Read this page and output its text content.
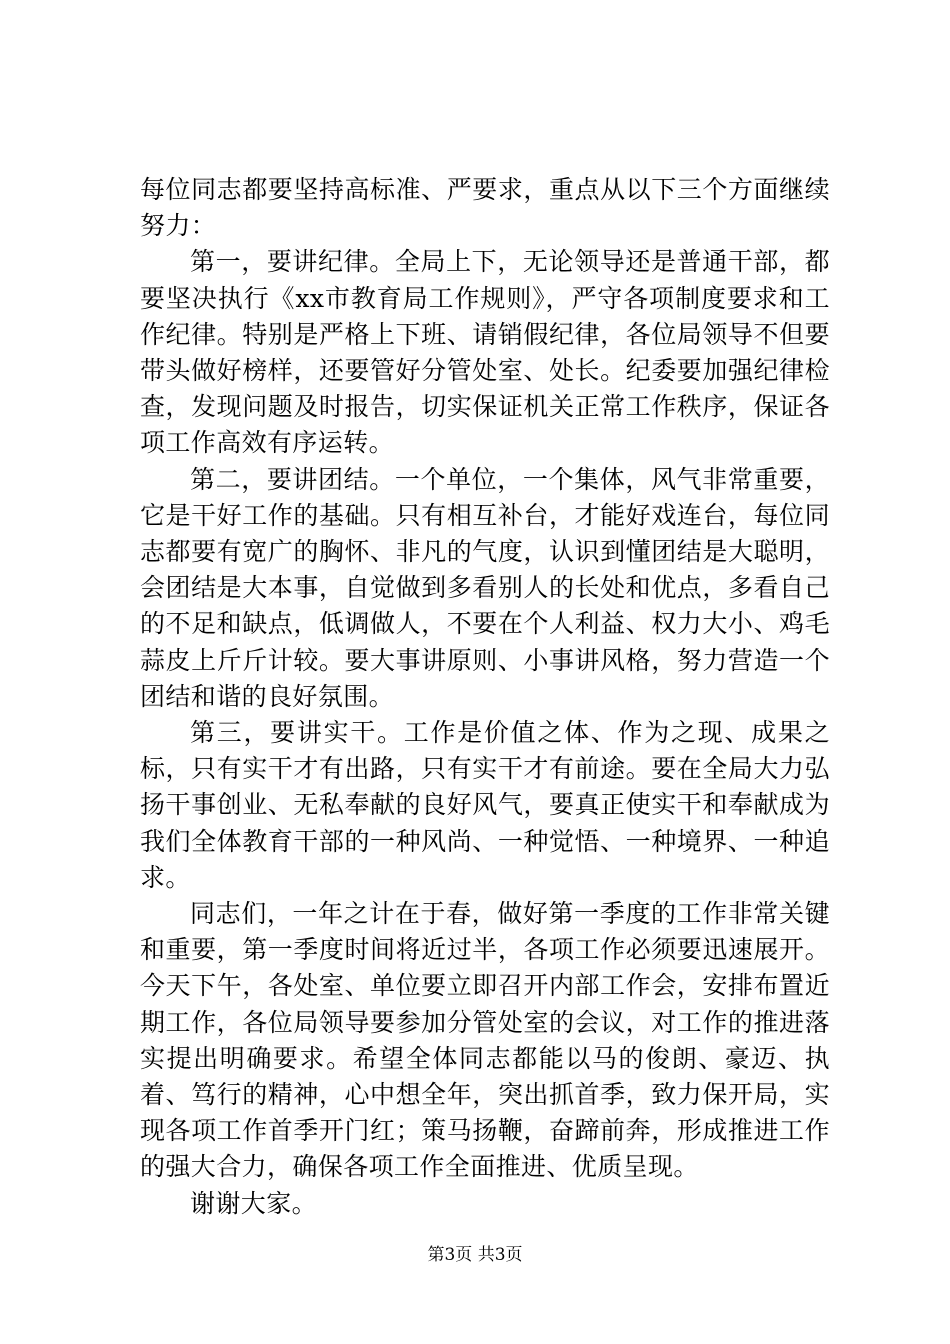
每位同志都要坚持高标准、严要求，重点从以下三个方面继续努力：

第一，要讲纪律。全局上下，无论领导还是普通干部，都要坚决执行《xx市教育局工作规则》，严守各项制度要求和工作纪律。特别是严格上下班、请销假纪律，各位局领导不但要带头做好榜样，还要管好分管处室、处长。纪委要加强纪律检查，发现问题及时报告，切实保证机关正常工作秩序，保证各项工作高效有序运转。

第二，要讲团结。一个单位，一个集体，风气非常重要，它是干好工作的基础。只有相互补台，才能好戏连台，每位同志都要有宽广的胸怀、非凡的气度，认识到懂团结是大聪明，会团结是大本事，自觉做到多看别人的长处和优点，多看自己的不足和缺点，低调做人，不要在个人利益、权力大小、鸡毛蒜皮上斤斤计较。要大事讲原则、小事讲风格，努力营造一个团结和谐的良好氛围。

第三，要讲实干。工作是价值之体、作为之现、成果之标，只有实干才有出路，只有实干才有前途。要在全局大力弘扬干事创业、无私奉献的良好风气，要真正使实干和奉献成为我们全体教育干部的一种风尚、一种觉悟、一种境界、一种追求。

同志们，一年之计在于春，做好第一季度的工作非常关键和重要，第一季度时间将近过半，各项工作必须要迅速展开。今天下午，各处室、单位要立即召开内部工作会，安排布置近期工作，各位局领导要参加分管处室的会议，对工作的推进落实提出明确要求。希望全体同志都能以马的俊朗、豪迈、执着、笃行的精神，心中想全年，突出抓首季，致力保开局，实现各项工作首季开门红；策马扬鞭，奋蹄前奔，形成推进工作的强大合力，确保各项工作全面推进、优质呈现。

谢谢大家。

第3页 共3页
